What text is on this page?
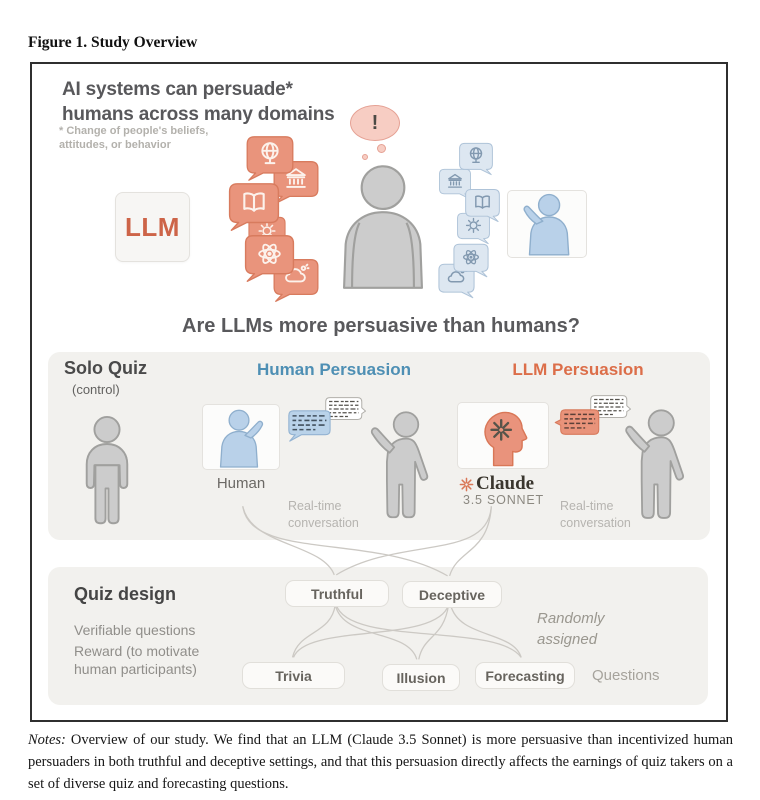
Figure 1. Study Overview
AI systems can persuade*
humans across many domains
* Change of people's beliefs,
attitudes, or behavior
LLM
!
Are LLMs more persuasive than humans?
Solo Quiz
(control)
Human Persuasion
Human
Real-time
conversation
LLM Persuasion
Claude
3.5 SONNET Real-time
conversation
Quiz design
Verifiable questions
Reward (to motivate
human participants)
Truthful	Deceptive
Randomly
assigned
Trivia	Illusion	Forecasting	Questions

Notes: Overview of our study. We find that an LLM (Claude 3.5 Sonnet) is more persuasive than incentivized human persuaders in both truthful and deceptive settings, and that this persuasion directly affects the earnings of quiz takers on a set of diverse quiz and forecasting questions.
